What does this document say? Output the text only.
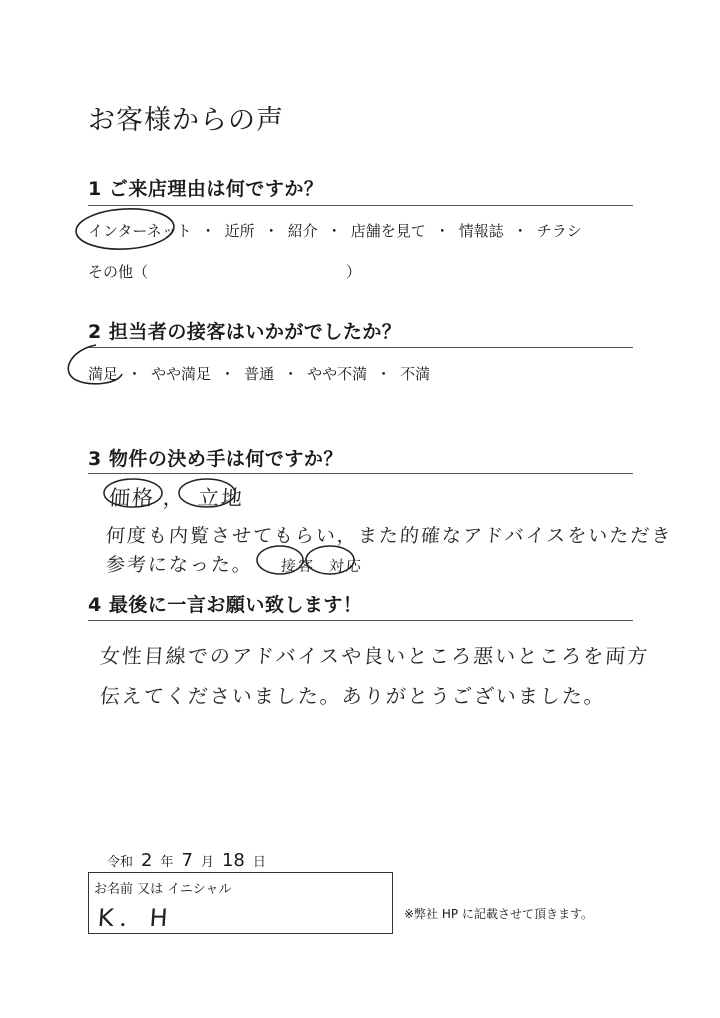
お客様からの声
1 ご来店理由は何ですか？
インターネット ・ 近所 ・ 紹介 ・ 店舗を見て ・ 情報誌 ・ チラシ
その他（	）
2 担当者の接客はいかがでしたか？
満足 ・ やや満足 ・ 普通 ・ やや不満 ・ 不満
3 物件の決め手は何ですか？
価格 ， 立地
何度も内覧させてもらい，また的確なアドバイスをいただき
参考になった。 接客 対応
4 最後に一言お願い致します！
女性目線でのアドバイスや良いところ悪いところを両方
伝えてくださいました。ありがとうございました。
令和 2 年 7 月 18 日
お名前 又は イニシャル
K．H	※弊社 HP に記載させて頂きます。
